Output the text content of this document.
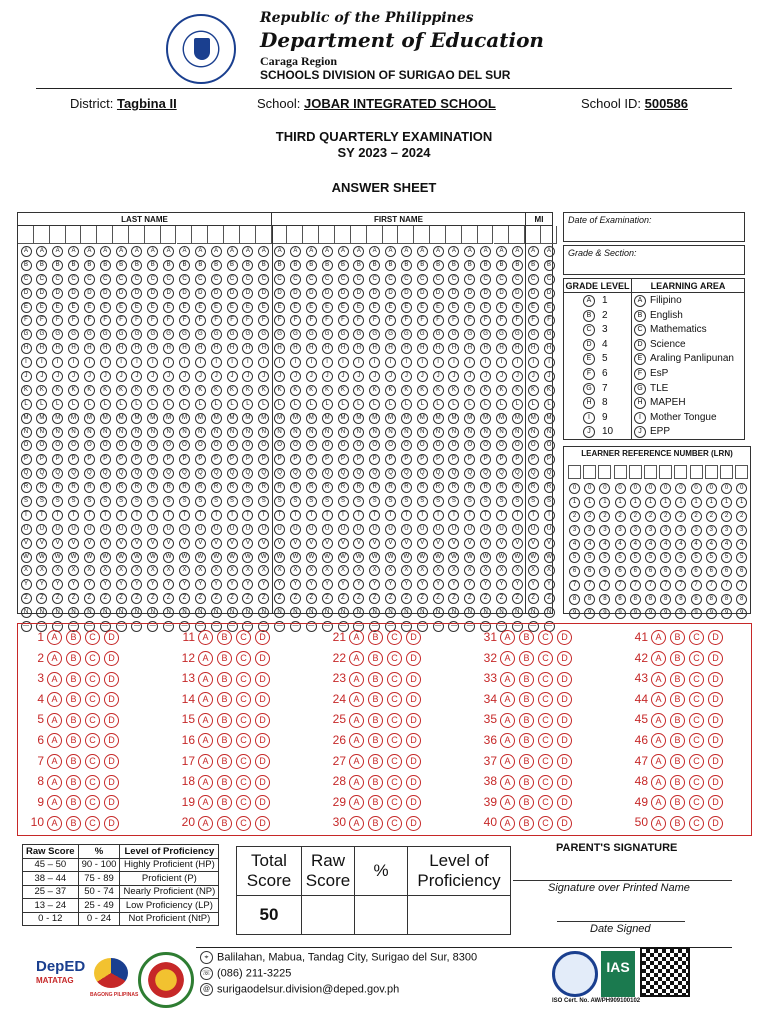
Republic of the Philippines
Department of Education
Caraga Region
SCHOOLS DIVISION OF SURIGAO DEL SUR
District: Tagbina II	School: JOBAR INTEGRATED SCHOOL	School ID: 500586
THIRD QUARTERLY EXAMINATION
SY 2023 – 2024
ANSWER SHEET
LAST NAME	FIRST NAME	MI
A
B
C
D
E
F
G
H
I
J
K
L
M
N
O
P
Q
R
S
T
U
V
W
X
Y
Z
Ñ
—
A
B
C
D
E
F
G
H
I
J
K
L
M
N
O
P
Q
R
S
T
U
V
W
X
Y
Z
Ñ
—
A
B
C
D
E
F
G
H
I
J
K
L
M
N
O
P
Q
R
S
T
U
V
W
X
Y
Z
Ñ
—
A
B
C
D
E
F
G
H
I
J
K
L
M
N
O
P
Q
R
S
T
U
V
W
X
Y
Z
Ñ
—
A
B
C
D
E
F
G
H
I
J
K
L
M
N
O
P
Q
R
S
T
U
V
W
X
Y
Z
Ñ
—
A
B
C
D
E
F
G
H
I
J
K
L
M
N
O
P
Q
R
S
T
U
V
W
X
Y
Z
Ñ
—
A
B
C
D
E
F
G
H
I
J
K
L
M
N
O
P
Q
R
S
T
U
V
W
X
Y
Z
Ñ
—
A
B
C
D
E
F
G
H
I
J
K
L
M
N
O
P
Q
R
S
T
U
V
W
X
Y
Z
Ñ
—
A
B
C
D
E
F
G
H
I
J
K
L
M
N
O
P
Q
R
S
T
U
V
W
X
Y
Z
Ñ
—
A
B
C
D
E
F
G
H
I
J
K
L
M
N
O
P
Q
R
S
T
U
V
W
X
Y
Z
Ñ
—
A
B
C
D
E
F
G
H
I
J
K
L
M
N
O
P
Q
R
S
T
U
V
W
X
Y
Z
Ñ
—
A
B
C
D
E
F
G
H
I
J
K
L
M
N
O
P
Q
R
S
T
U
V
W
X
Y
Z
Ñ
—
A
B
C
D
E
F
G
H
I
J
K
L
M
N
O
P
Q
R
S
T
U
V
W
X
Y
Z
Ñ
—
A
B
C
D
E
F
G
H
I
J
K
L
M
N
O
P
Q
R
S
T
U
V
W
X
Y
Z
Ñ
—
A
B
C
D
E
F
G
H
I
J
K
L
M
N
O
P
Q
R
S
T
U
V
W
X
Y
Z
Ñ
—
A
B
C
D
E
F
G
H
I
J
K
L
M
N
O
P
Q
R
S
T
U
V
W
X
Y
Z
Ñ
—
A
B
C
D
E
F
G
H
I
J
K
L
M
N
O
P
Q
R
S
T
U
V
W
X
Y
Z
Ñ
—
A
B
C
D
E
F
G
H
I
J
K
L
M
N
O
P
Q
R
S
T
U
V
W
X
Y
Z
Ñ
—
A
B
C
D
E
F
G
H
I
J
K
L
M
N
O
P
Q
R
S
T
U
V
W
X
Y
Z
Ñ
—
A
B
C
D
E
F
G
H
I
J
K
L
M
N
O
P
Q
R
S
T
U
V
W
X
Y
Z
Ñ
—
A
B
C
D
E
F
G
H
I
J
K
L
M
N
O
P
Q
R
S
T
U
V
W
X
Y
Z
Ñ
—
A
B
C
D
E
F
G
H
I
J
K
L
M
N
O
P
Q
R
S
T
U
V
W
X
Y
Z
Ñ
—
A
B
C
D
E
F
G
H
I
J
K
L
M
N
O
P
Q
R
S
T
U
V
W
X
Y
Z
Ñ
—
A
B
C
D
E
F
G
H
I
J
K
L
M
N
O
P
Q
R
S
T
U
V
W
X
Y
Z
Ñ
—
A
B
C
D
E
F
G
H
I
J
K
L
M
N
O
P
Q
R
S
T
U
V
W
X
Y
Z
Ñ
—
A
B
C
D
E
F
G
H
I
J
K
L
M
N
O
P
Q
R
S
T
U
V
W
X
Y
Z
Ñ
—
A
B
C
D
E
F
G
H
I
J
K
L
M
N
O
P
Q
R
S
T
U
V
W
X
Y
Z
Ñ
—
A
B
C
D
E
F
G
H
I
J
K
L
M
N
O
P
Q
R
S
T
U
V
W
X
Y
Z
Ñ
—
A
B
C
D
E
F
G
H
I
J
K
L
M
N
O
P
Q
R
S
T
U
V
W
X
Y
Z
Ñ
—
A
B
C
D
E
F
G
H
I
J
K
L
M
N
O
P
Q
R
S
T
U
V
W
X
Y
Z
Ñ
—
A
B
C
D
E
F
G
H
I
J
K
L
M
N
O
P
Q
R
S
T
U
V
W
X
Y
Z
Ñ
—
A
B
C
D
E
F
G
H
I
J
K
L
M
N
O
P
Q
R
S
T
U
V
W
X
Y
Z
Ñ
—
A
B
C
D
E
F
G
H
I
J
K
L
M
N
O
P
Q
R
S
T
U
V
W
X
Y
Z
Ñ
—
A
B
C
D
E
F
G
H
I
J
K
L
M
N
O
P
Q
R
S
T
U
V
W
X
Y
Z
Ñ
—
Date of Examination:
Grade & Section:
GRADE LEVEL	LEARNING AREA
A	1	A Filipino
B	2	B English
C	3	C Mathematics
D	4	D Science
E	5	E Araling Panlipunan
F	6	F EsP
G	7	G TLE
H	8	H MAPEH
I	9	I Mother Tongue
J	10	J EPP
LEARNER REFERENCE NUMBER (LRN)
0
1
2
3
4
5
6
7
8
9
0
1
2
3
4
5
6
7
8
9
0
1
2
3
4
5
6
7
8
9
0
1
2
3
4
5
6
7
8
9
0
1
2
3
4
5
6
7
8
9
0
1
2
3
4
5
6
7
8
9
0
1
2
3
4
5
6
7
8
9
0
1
2
3
4
5
6
7
8
9
0
1
2
3
4
5
6
7
8
9
0
1
2
3
4
5
6
7
8
9
0
1
2
3
4
5
6
7
8
9
0
1
2
3
4
5
6
7
8
9
1 A B C D
2 A B C D
3 A B C D
4 A B C D
5 A B C D
6 A B C D
7 A B C D
8 A B C D
9 A B C D
10 A B C D
11 A B C D
12 A B C D
13 A B C D
14 A B C D
15 A B C D
16 A B C D
17 A B C D
18 A B C D
19 A B C D
20 A B C D
21 A B C D
22 A B C D
23 A B C D
24 A B C D
25 A B C D
26 A B C D
27 A B C D
28 A B C D
29 A B C D
30 A B C D
31 A B C D
32 A B C D
33 A B C D
34 A B C D
35 A B C D
36 A B C D
37 A B C D
38 A B C D
39 A B C D
40 A B C D
41 A B C D
42 A B C D
43 A B C D
44 A B C D
45 A B C D
46 A B C D
47 A B C D
48 A B C D
49 A B C D
50 A B C D
Raw Score	%	Level of Proficiency
45 – 50	90 - 100	Highly Proficient (HP)
38 – 44	75 - 89	Proficient (P)
25 – 37	50 - 74	Nearly Proficient (NP)
13 – 24	25 - 49	Low Proficiency (LP)
0 - 12	0 - 24	Not Proficient (NtP)
Total Score	Raw Score	%	Level of Proficiency
50			
PARENT'S SIGNATURE
Signature over Printed Name
Date Signed
DepED
MATATAG
BAGONG PILIPINAS
⌖ Balilahan, Mabua, Tandag City, Surigao del Sur, 8300
☏ (086) 211-3225
@ surigaodelsur.division@deped.gov.ph
IAS
ISO Cert. No. AW/PH909100102
